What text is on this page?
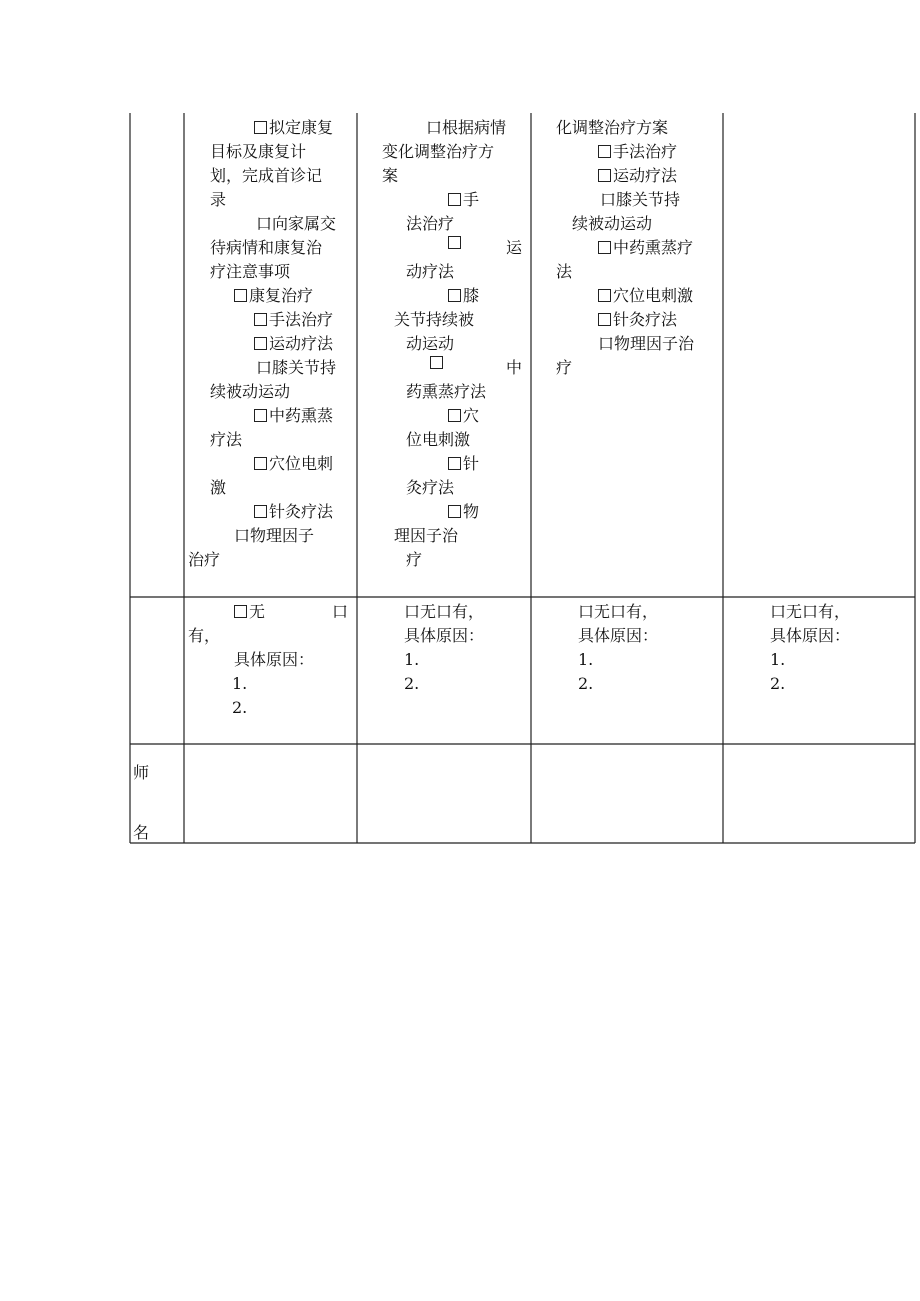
拟定康复
目标及康复计
划，完成首诊记
录
口向家属交
待病情和康复治
疗注意事项
康复治疗
手法治疗
运动疗法
口膝关节持
续被动运动
中药熏蒸
疗法
穴位电刺
激
针灸疗法
口物理因子
治疗
口根据病情
变化调整治疗方
案
手
法治疗
运
动疗法
膝
关节持续被
动运动
中
药熏蒸疗法
穴
位电刺激
针
灸疗法
物
理因子治
疗
化调整治疗方案
手法治疗
运动疗法
口膝关节持
续被动运动
中药熏蒸疗
法
穴位电刺激
针灸疗法
口物理因子治
疗
无	口
有，
具体原因：
1.
2.
口无口有，
具体原因：
1.
2.
口无口有，
具体原因：
1.
2.
口无口有，
具体原因：
1.
2.
师
名
